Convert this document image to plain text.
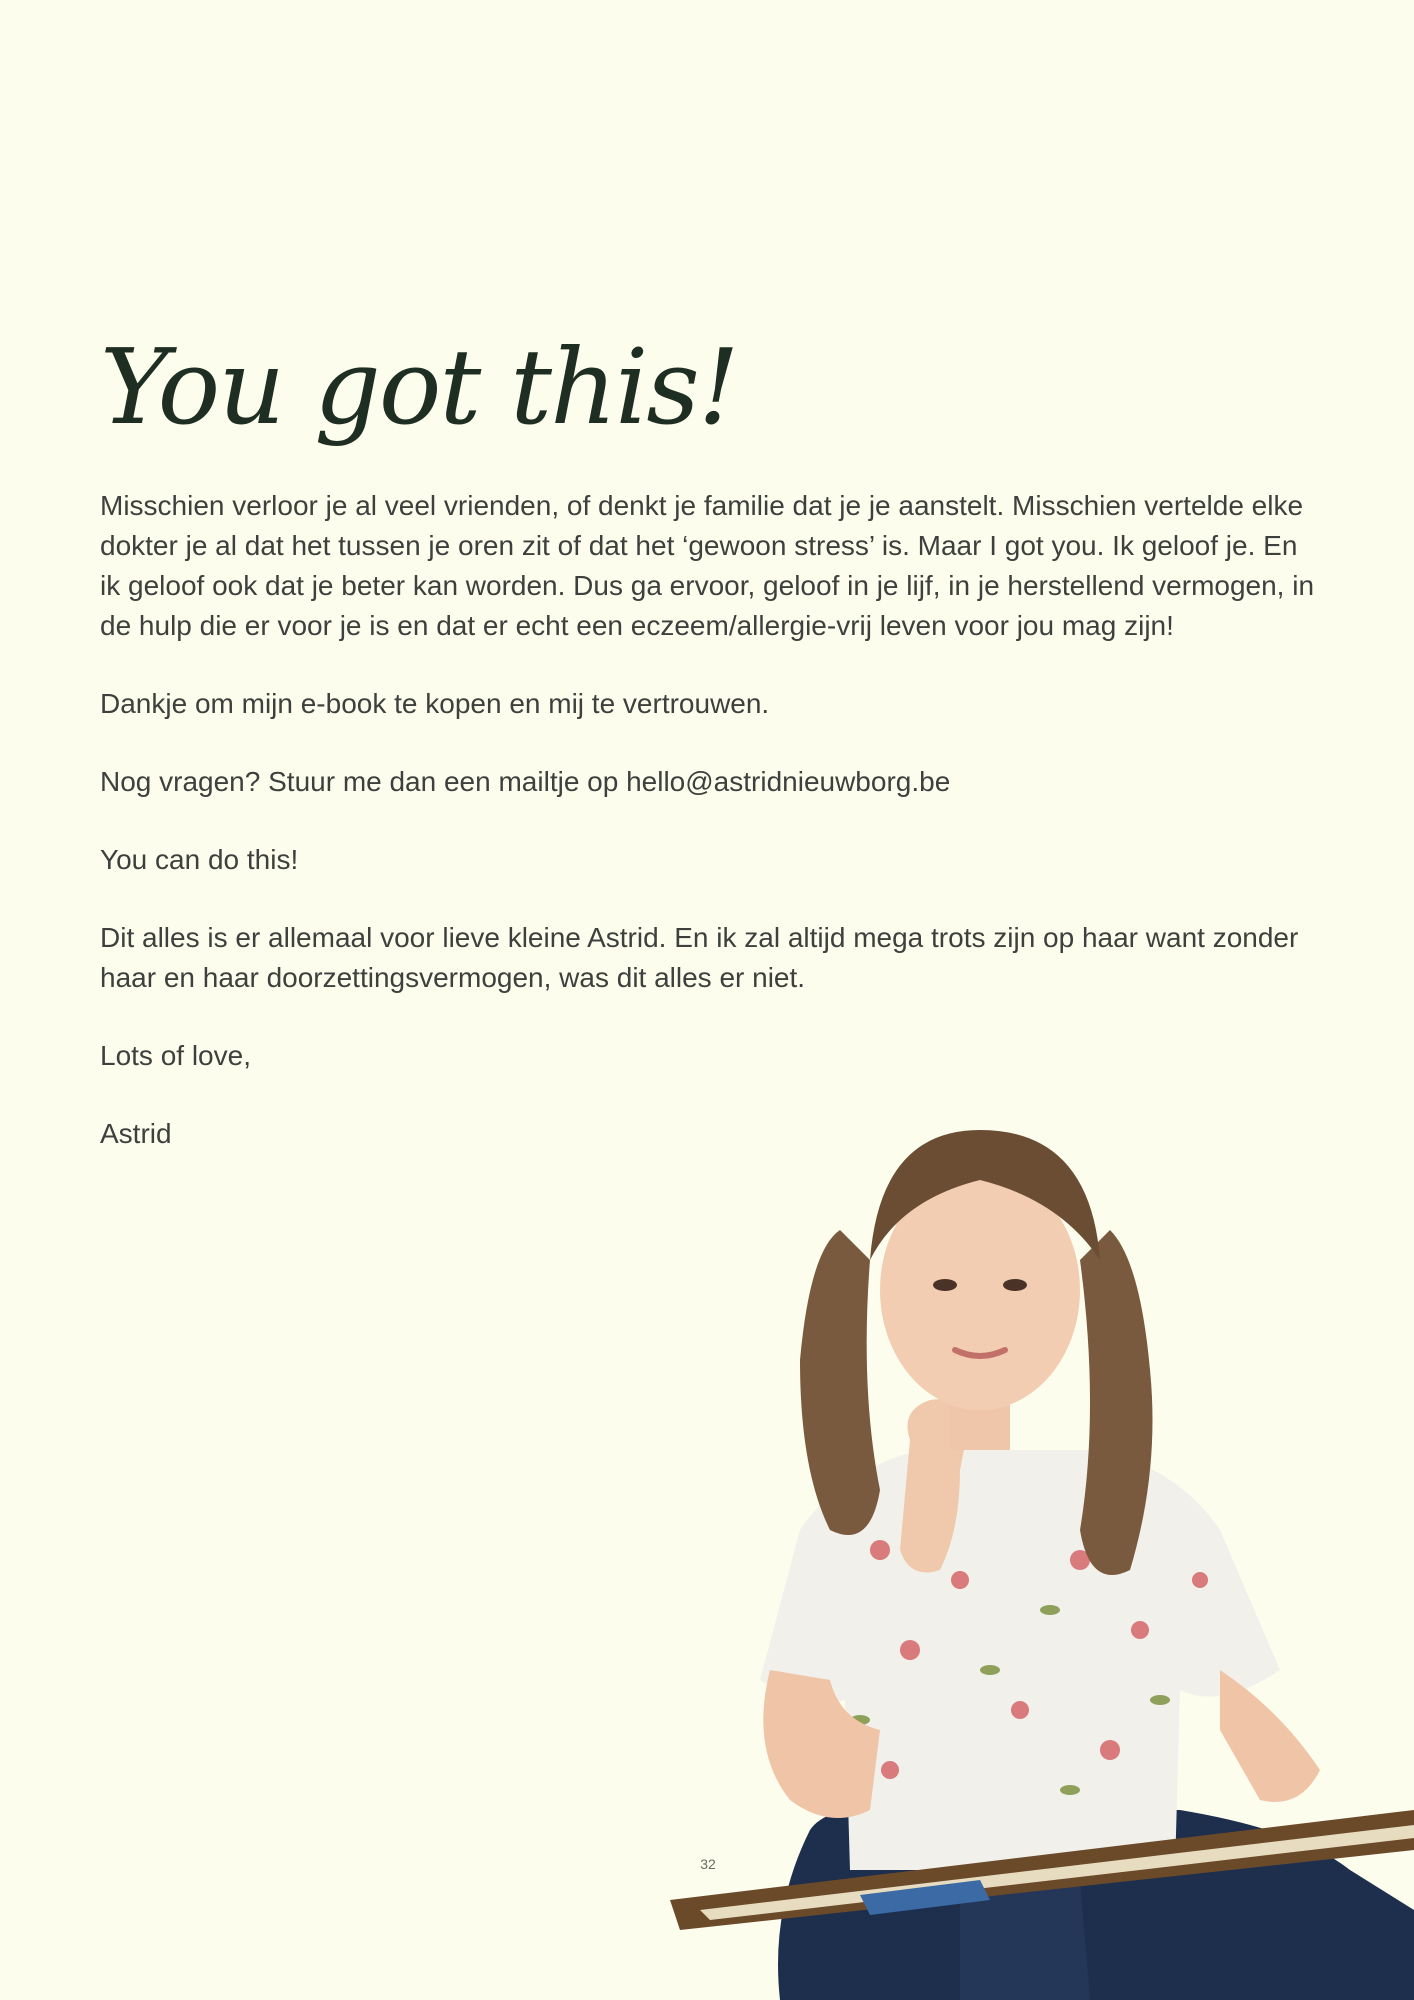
You got this!

Misschien verloor je al veel vrienden, of denkt je familie dat je je aanstelt. Misschien vertelde elke dokter je al dat het tussen je oren zit of dat het ‘gewoon stress’ is. Maar I got you. Ik geloof je. En ik geloof ook dat je beter kan worden. Dus ga ervoor, geloof in je lijf, in je herstellend vermogen, in de hulp die er voor je is en dat er echt een eczeem/allergie-vrij leven voor jou mag zijn!

Dankje om mijn e-book te kopen en mij te vertrouwen.

Nog vragen? Stuur me dan een mailtje op hello@astridnieuwborg.be

You can do this!

Dit alles is er allemaal voor lieve kleine Astrid. En ik zal altijd mega trots zijn op haar want zonder haar en haar doorzettingsvermogen, was dit alles er niet.

Lots of love,

Astrid

32
